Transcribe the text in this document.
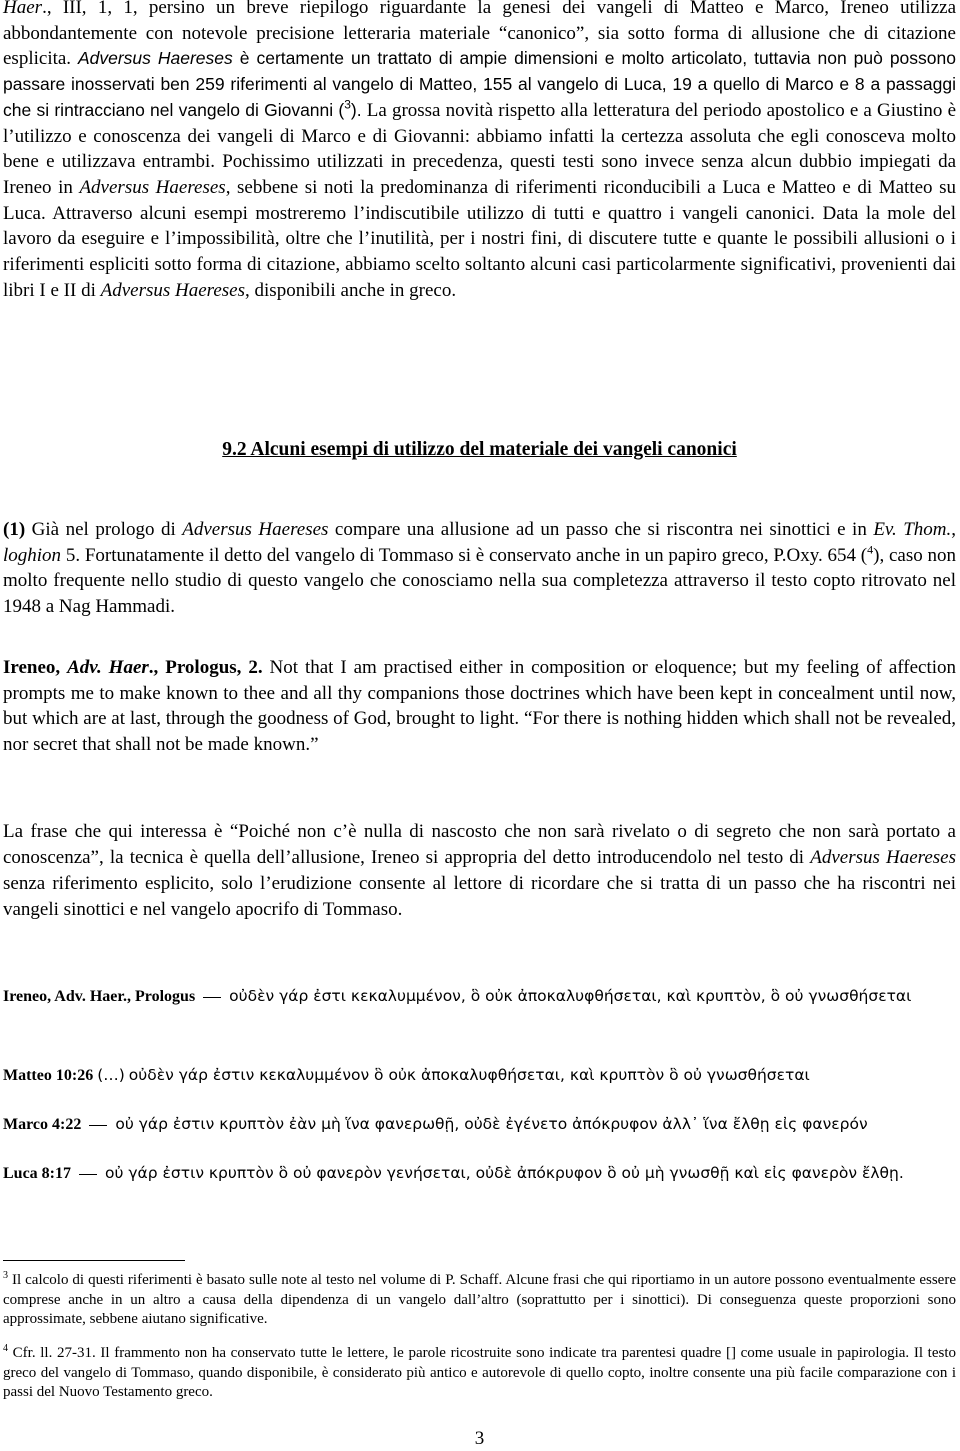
Haer., III, 1, 1, persino un breve riepilogo riguardante la genesi dei vangeli di Matteo e Marco, Ireneo utilizza abbondantemente con notevole precisione letteraria materiale “canonico”, sia sotto forma di allusione che di citazione esplicita. Adversus Haereses è certamente un trattato di ampie dimensioni e molto articolato, tuttavia non può possono passare inosservati ben 259 riferimenti al vangelo di Matteo, 155 al vangelo di Luca, 19 a quello di Marco e 8 a passaggi che si rintracciano nel vangelo di Giovanni ($^3$). La grossa novità rispetto alla letteratura del periodo apostolico e a Giustino è l’utilizzo e conoscenza dei vangeli di Marco e di Giovanni: abbiamo infatti la certezza assoluta che egli conosceva molto bene e utilizzava entrambi. Pochissimo utilizzati in precedenza, questi testi sono invece senza alcun dubbio impiegati da Ireneo in Adversus Haereses, sebbene si noti la predominanza di riferimenti riconducibili a Luca e Matteo e di Matteo su Luca. Attraverso alcuni esempi mostreremo l’indiscutibile utilizzo di tutti e quattro i vangeli canonici. Data la mole del lavoro da eseguire e l’impossibilità, oltre che l’inutilità, per i nostri fini, di discutere tutte e quante le possibili allusioni o i riferimenti espliciti sotto forma di citazione, abbiamo scelto soltanto alcuni casi particolarmente significativi, provenienti dai libri I e II di Adversus Haereses, disponibili anche in greco.

9.2 Alcuni esempi di utilizzo del materiale dei vangeli canonici

(1) Già nel prologo di Adversus Haereses compare una allusione ad un passo che si riscontra nei sinottici e in Ev. Thom., loghion 5. Fortunatamente il detto del vangelo di Tommaso si è conservato anche in un papiro greco, P.Oxy. 654 ($^4$), caso non molto frequente nello studio di questo vangelo che conosciamo nella sua completezza attraverso il testo copto ritrovato nel 1948 a Nag Hammadi.

Ireneo, Adv. Haer., Prologus, 2. Not that I am practised either in composition or eloquence; but my feeling of affection prompts me to make known to thee and all thy companions those doctrines which have been kept in concealment until now, but which are at last, through the goodness of God, brought to light. “For there is nothing hidden which shall not be revealed, nor secret that shall not be made known.”

La frase che qui interessa è “Poiché non c’è nulla di nascosto che non sarà rivelato o di segreto che non sarà portato a conoscenza”, la tecnica è quella dell’allusione, Ireneo si appropria del detto introducendolo nel testo di Adversus Haereses senza riferimento esplicito, solo l’erudizione consente al lettore di ricordare che si tratta di un passo che ha riscontri nei vangeli sinottici e nel vangelo apocrifo di Tommaso.

Ireneo, Adv. Haer., Prologus οὐδὲν γάρ ἐστι κεκαλυμμένον, ὃ οὐκ ἀποκαλυφθήσεται, καὶ κρυπτὸν, ὃ οὐ γνωσθήσεται

Matteo 10:26 (…) οὐδὲν γάρ ἐστιν κεκαλυμμένον ὃ οὐκ ἀποκαλυφθήσεται, καὶ κρυπτὸν ὃ οὐ γνωσθήσεται

Marco 4:22 οὐ γάρ ἐστιν κρυπτὸν ἐὰν μὴ ἵνα φανερωθῇ, οὐδὲ ἐγένετο ἀπόκρυφον ἀλλ᾽ ἵνα ἔλθῃ εἰς φανερόν

Luca 8:17 οὐ γάρ ἐστιν κρυπτὸν ὃ οὐ φανερὸν γενήσεται, οὐδὲ ἀπόκρυφον ὃ οὐ μὴ γνωσθῇ καὶ εἰς φανερὸν ἔλθῃ.

$^3$ Il calcolo di questi riferimenti è basato sulle note al testo nel volume di P. Schaff. Alcune frasi che qui riportiamo in un autore possono eventualmente essere comprese anche in un altro a causa della dipendenza di un vangelo dall’altro (soprattutto per i sinottici). Di conseguenza queste proporzioni sono approssimate, sebbene aiutano significative.

$^4$ Cfr. ll. 27-31. Il frammento non ha conservato tutte le lettere, le parole ricostruite sono indicate tra parentesi quadre [] come usuale in papirologia. Il testo greco del vangelo di Tommaso, quando disponibile, è considerato più antico e autorevole di quello copto, inoltre consente una più facile comparazione con i passi del Nuovo Testamento greco.

3
